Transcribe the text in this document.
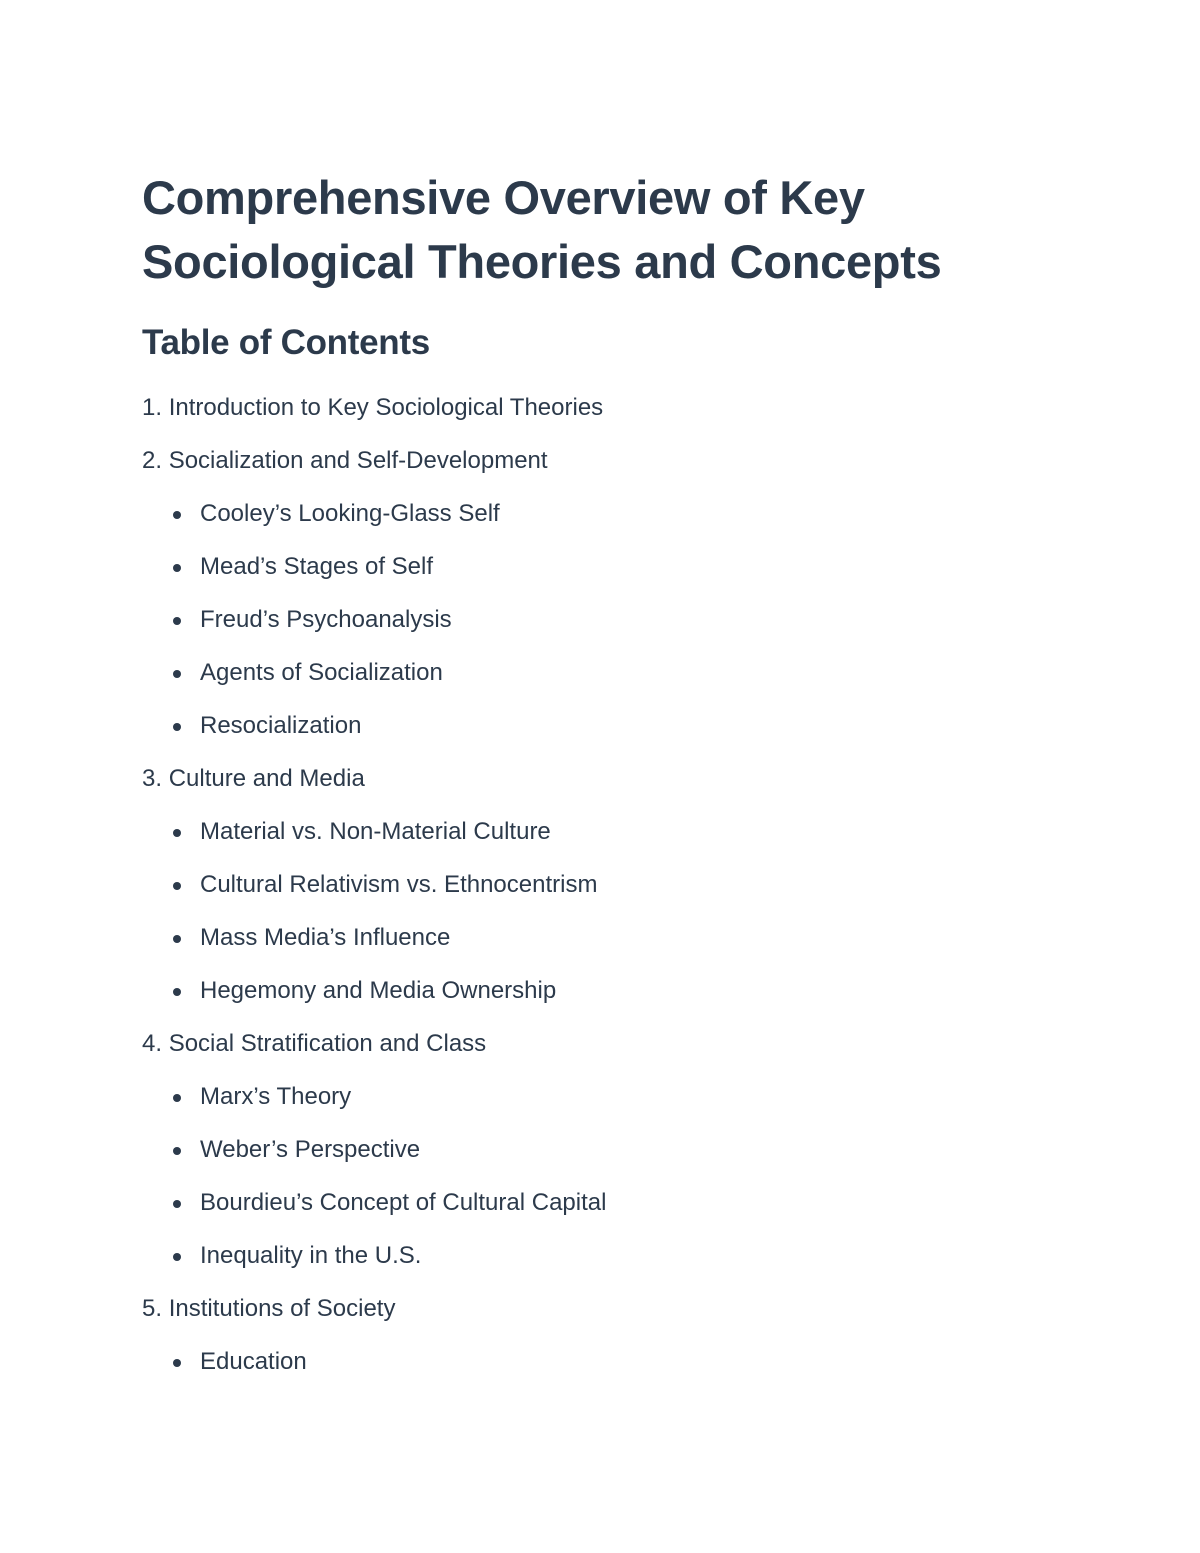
Comprehensive Overview of Key
Sociological Theories and Concepts
Table of Contents
1. Introduction to Key Sociological Theories
2. Socialization and Self-Development
Cooley’s Looking-Glass Self
Mead’s Stages of Self
Freud’s Psychoanalysis
Agents of Socialization
Resocialization
3. Culture and Media
Material vs. Non-Material Culture
Cultural Relativism vs. Ethnocentrism
Mass Media’s Influence
Hegemony and Media Ownership
4. Social Stratification and Class
Marx’s Theory
Weber’s Perspective
Bourdieu’s Concept of Cultural Capital
Inequality in the U.S.
5. Institutions of Society
Education
